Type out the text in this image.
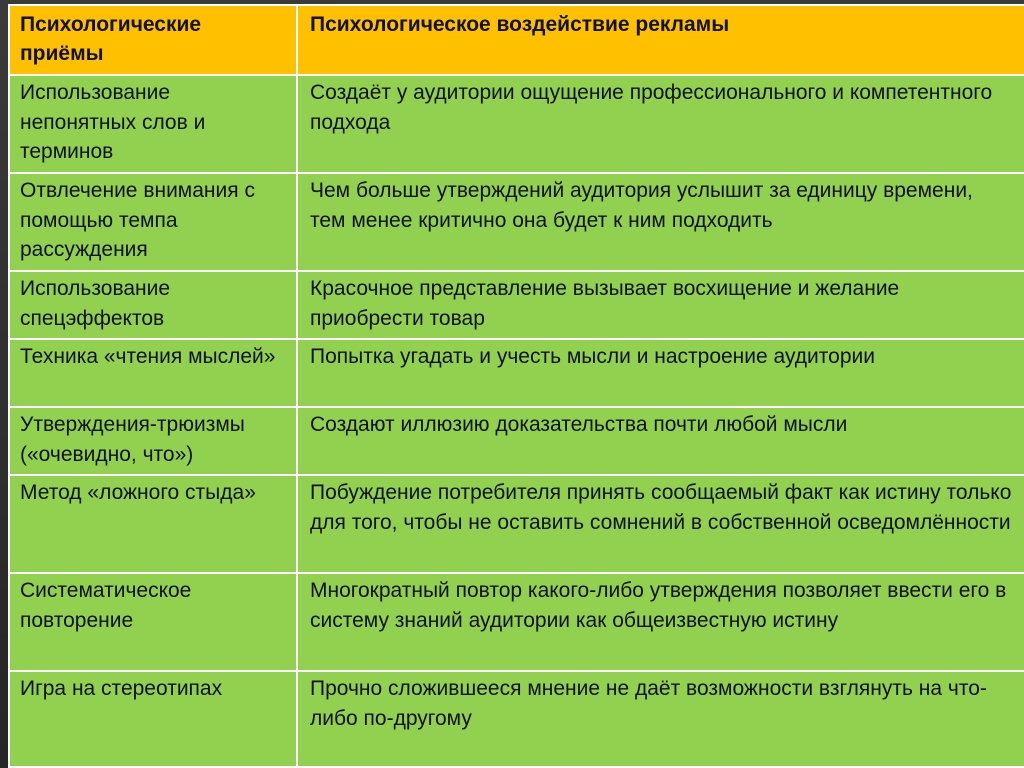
Психологические приёмы	Психологическое воздействие рекламы
Использование непонятных слов и терминов	Создаёт у аудитории ощущение профессионального и компетентного подхода
Отвлечение внимания с помощью темпа рассуждения	Чем больше утверждений аудитория услышит за единицу времени, тем менее критично она будет к ним подходить
Использование спецэффектов	Красочное представление вызывает восхищение и желание приобрести товар
Техника «чтения мыслей»	Попытка угадать и учесть мысли и настроение аудитории
Утверждения-трюизмы («очевидно, что»)	Создают иллюзию доказательства почти любой мысли
Метод «ложного стыда»	Побуждение потребителя принять сообщаемый факт как истину только для того, чтобы не оставить сомнений в собственной осведомлённости
Систематическое повторение	Многократный повтор какого-либо утверждения позволяет ввести его в систему знаний аудитории как общеизвестную истину
Игра на стереотипах	Прочно сложившееся мнение не даёт возможности взглянуть на что-либо по-другому
